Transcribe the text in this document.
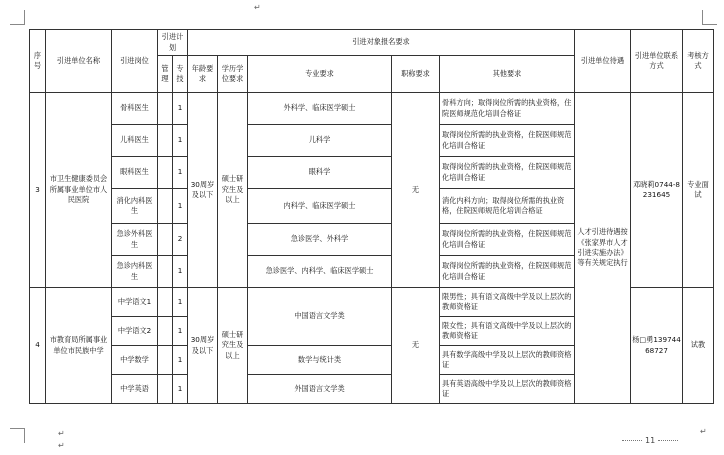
↵
↵
↵
↵
序号	引进单位名称	引进岗位	引进计划		引进对象报名要求					引进单位待遇	引进单位联系方式	考核方式
			管理	专技	年龄要求	学历学位要求	专业要求	职称要求	其他要求			
3	市卫生健康委员会所属事业单位市人民医院	骨科医生		1	30周岁及以下	硕士研究生及以上	外科学、临床医学硕士	无	骨科方向；取得岗位所需的执业资格，住院医师规范化培训合格证	人才引进待遇按《张家界市人才引进实施办法》等有关规定执行	邓晓莉0744-8231645	专业面试
		儿科医生		1			儿科学		取得岗位所需的执业资格，住院医师规范化培训合格证			
		眼科医生		1			眼科学		取得岗位所需的执业资格，住院医师规范化培训合格证			
		消化内科医生		1			内科学、临床医学硕士		消化内科方向；取得岗位所需的执业资格，住院医师规范化培训合格证			
		急诊外科医生		2			急诊医学、外科学		取得岗位所需的执业资格，住院医师规范化培训合格证			
		急诊内科医生		1			急诊医学、内科学、临床医学硕士		取得岗位所需的执业资格，住院医师规范化培训合格证			
4	市教育局所属事业单位市民族中学	中学语文1		1	30周岁及以下	硕士研究生及以上	中国语言文学类	无	限男性；具有语文高级中学及以上层次的教师资格证		杨□勇13974468727	试教
		中学语文2		1					限女性；具有语文高级中学及以上层次的教师资格证			
		中学数学		1			数学与统计类		具有数学高级中学及以上层次的教师资格证			
		中学英语		1			外国语言文学类		具有英语高级中学及以上层次的教师资格证			
11
